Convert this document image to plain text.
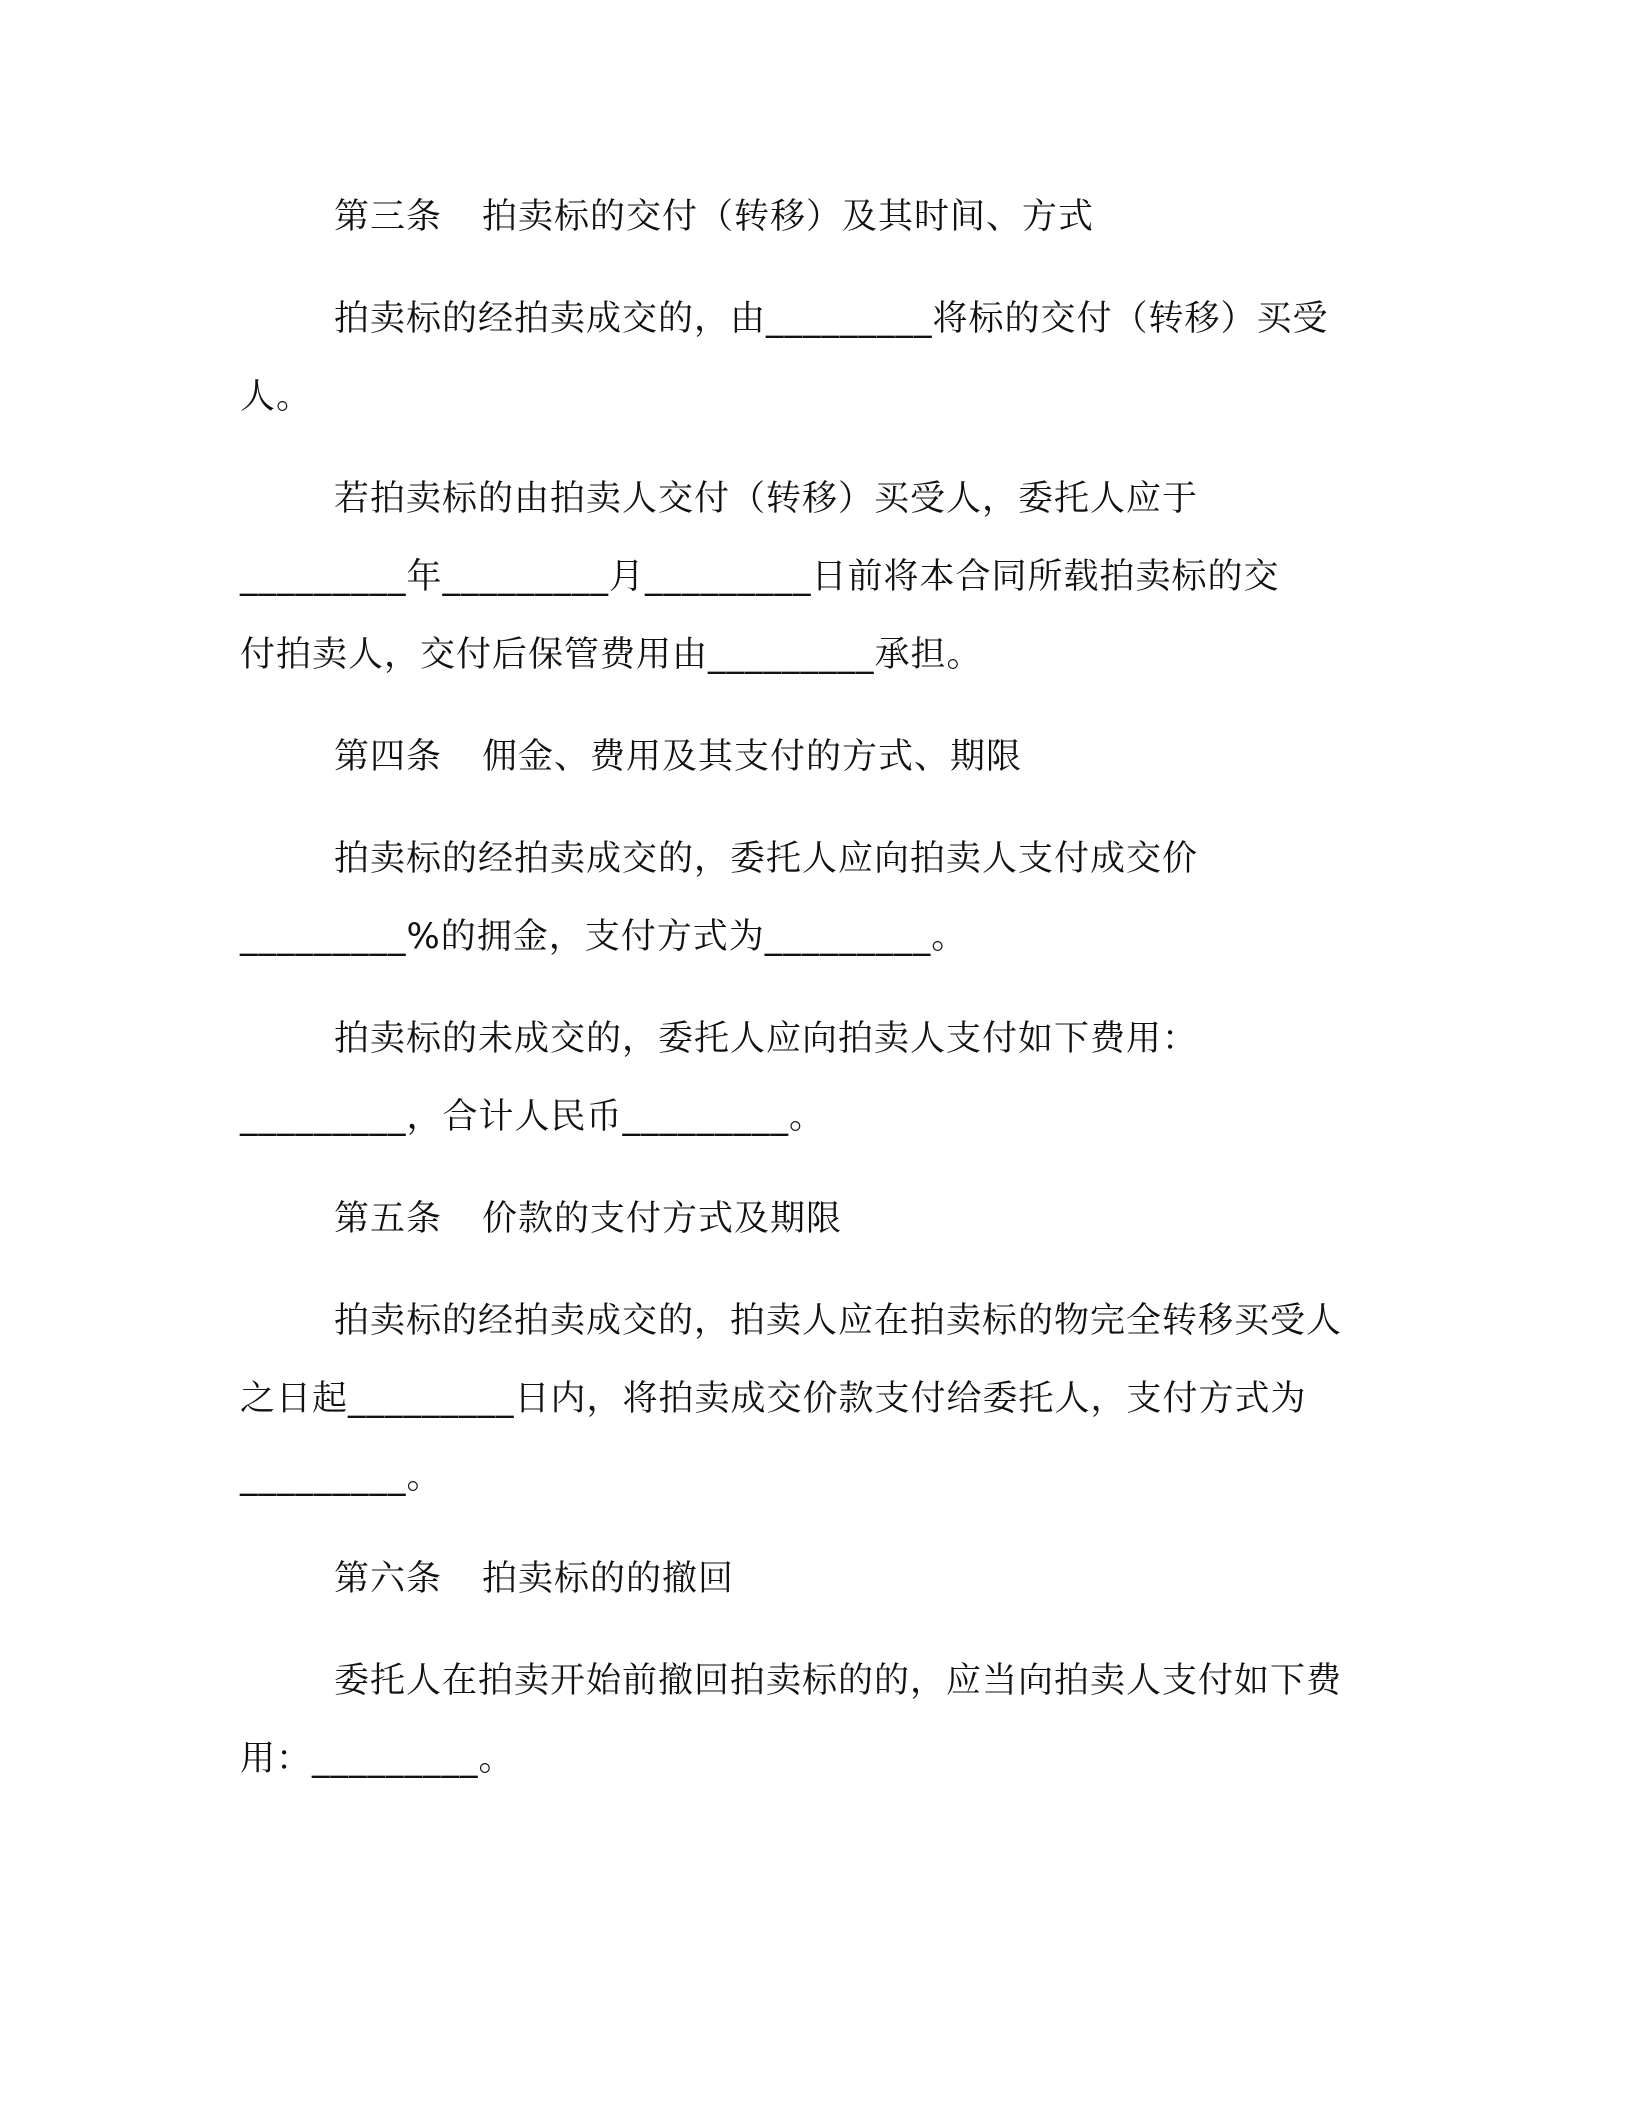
第三条 拍卖标的交付（转移）及其时间、方式
拍卖标的经拍卖成交的，由_________将标的交付（转移）买受
人。
若拍卖标的由拍卖人交付（转移）买受人，委托人应于
_________年_________月_________日前将本合同所载拍卖标的交
付拍卖人，交付后保管费用由_________承担。
第四条 佣金、费用及其支付的方式、期限
拍卖标的经拍卖成交的，委托人应向拍卖人支付成交价
_________%的拥金，支付方式为_________。
拍卖标的未成交的，委托人应向拍卖人支付如下费用：
_________，合计人民币_________。
第五条 价款的支付方式及期限
拍卖标的经拍卖成交的，拍卖人应在拍卖标的物完全转移买受人
之日起_________日内，将拍卖成交价款支付给委托人，支付方式为
_________。
第六条 拍卖标的的撤回
委托人在拍卖开始前撤回拍卖标的的，应当向拍卖人支付如下费
用：_________。
